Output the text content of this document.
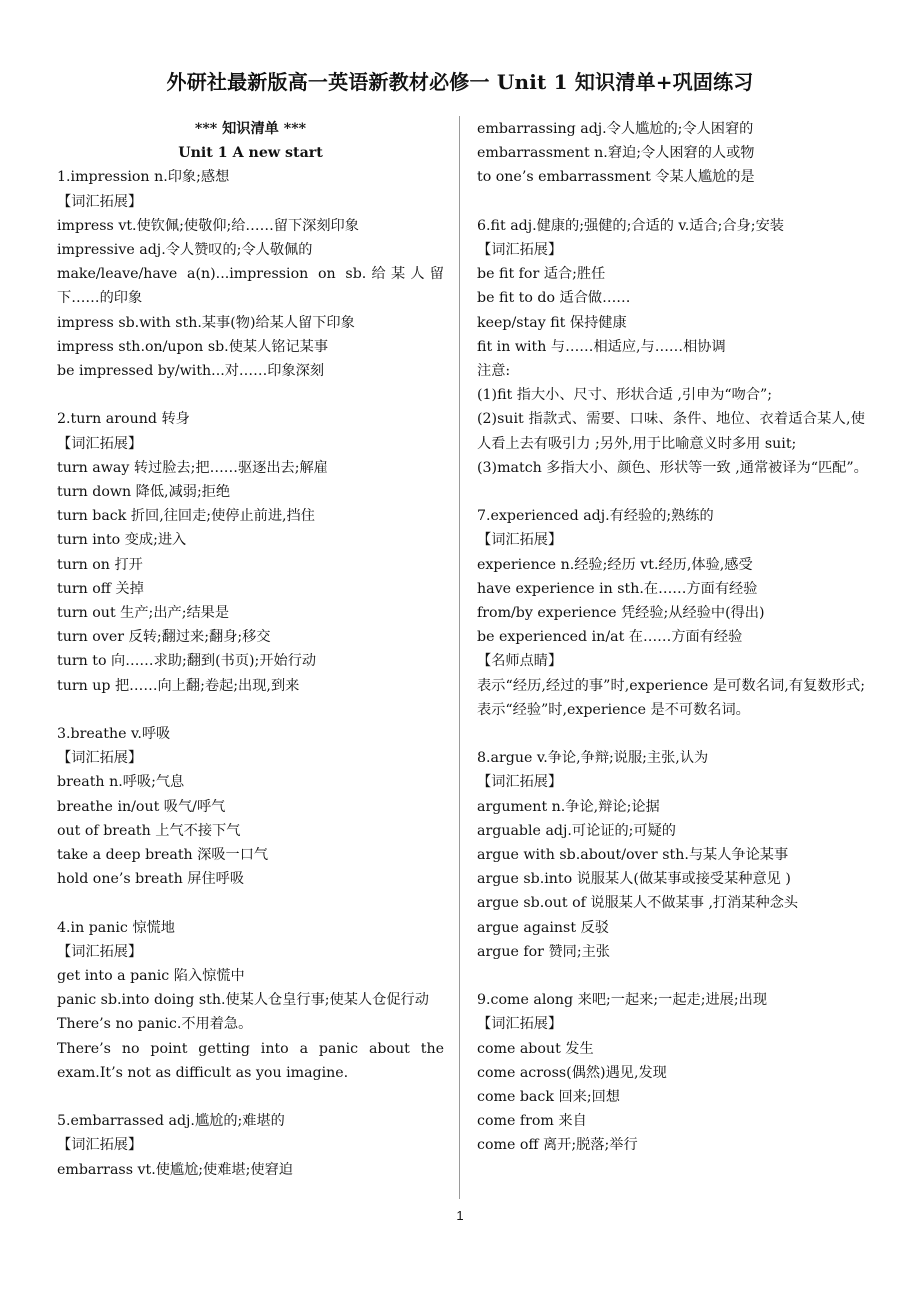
外研社最新版高一英语新教材必修一 Unit 1 知识清单+巩固练习
*** 知识清单 ***
Unit 1 A new start
1.impression n.印象;感想
【词汇拓展】
impress vt.使钦佩;使敬仰;给……留下深刻印象
impressive adj.令人赞叹的;令人敬佩的
make/leave/have a(n)...impression on sb.给某人留下……的印象
impress sb.with sth.某事(物)给某人留下印象
impress sth.on/upon sb.使某人铭记某事
be impressed by/with...对……印象深刻
2.turn around 转身
【词汇拓展】
turn away 转过脸去;把……驱逐出去;解雇
turn down 降低,减弱;拒绝
turn back 折回,往回走;使停止前进,挡住
turn into 变成;进入
turn on 打开
turn off 关掉
turn out 生产;出产;结果是
turn over 反转;翻过来;翻身;移交
turn to 向……求助;翻到(书页);开始行动
turn up 把……向上翻;卷起;出现,到来
3.breathe v.呼吸
【词汇拓展】
breath n.呼吸;气息
breathe in/out 吸气/呼气
out of breath 上气不接下气
take a deep breath 深吸一口气
hold one’s breath 屏住呼吸
4.in panic 惊慌地
【词汇拓展】
get into a panic 陷入惊慌中
panic sb.into doing sth.使某人仓皇行事;使某人仓促行动
There’s no panic.不用着急。
There’s no point getting into a panic about the exam.It’s not as difficult as you imagine.
5.embarrassed adj.尴尬的;难堪的
【词汇拓展】
embarrass vt.使尴尬;使难堪;使窘迫
embarrassing adj.令人尴尬的;令人困窘的
embarrassment n.窘迫;令人困窘的人或物
to one’s embarrassment 令某人尴尬的是
6.fit adj.健康的;强健的;合适的 v.适合;合身;安装
【词汇拓展】
be fit for 适合;胜任
be fit to do 适合做……
keep/stay fit 保持健康
fit in with 与……相适应,与……相协调
注意:
(1)fit 指大小、尺寸、形状合适 ,引申为“吻合”;
(2)suit 指款式、需要、口味、条件、地位、衣着适合某人,使人看上去有吸引力 ;另外,用于比喻意义时多用 suit;
(3)match 多指大小、颜色、形状等一致 ,通常被译为“匹配”。
7.experienced adj.有经验的;熟练的
【词汇拓展】
experience n.经验;经历 vt.经历,体验,感受
have experience in sth.在……方面有经验
from/by experience 凭经验;从经验中(得出)
be experienced in/at 在……方面有经验
【名师点睛】
表示“经历,经过的事”时,experience 是可数名词,有复数形式;表示“经验”时,experience 是不可数名词。
8.argue v.争论,争辩;说服;主张,认为
【词汇拓展】
argument n.争论,辩论;论据
arguable adj.可论证的;可疑的
argue with sb.about/over sth.与某人争论某事
argue sb.into 说服某人(做某事或接受某种意见 )
argue sb.out of 说服某人不做某事 ,打消某种念头
argue against 反驳
argue for 赞同;主张
9.come along 来吧;一起来;一起走;进展;出现
【词汇拓展】
come about 发生
come across(偶然)遇见,发现
come back 回来;回想
come from 来自
come off 离开;脱落;举行
1
